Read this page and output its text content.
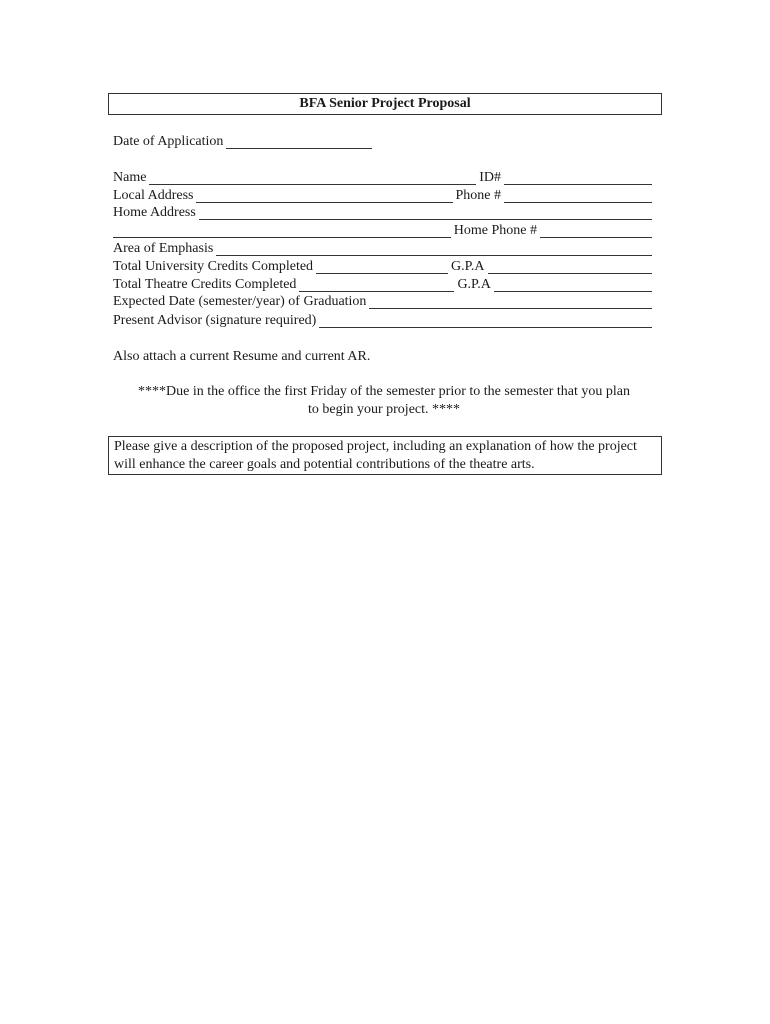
BFA Senior Project Proposal
Date of Application
Name	ID#
Local Address	Phone #
Home Address
Home Phone #
Area of Emphasis
Total University Credits Completed	G.P.A
Total Theatre Credits Completed	G.P.A
Expected Date (semester/year) of Graduation
Present Advisor (signature required)
Also attach a current Resume and current AR.
****Due in the office the first Friday of the semester prior to the semester that you plan
to begin your project. ****

Please give a description of the proposed project, including an explanation of how the project will enhance the career goals and potential contributions of the theatre arts.
